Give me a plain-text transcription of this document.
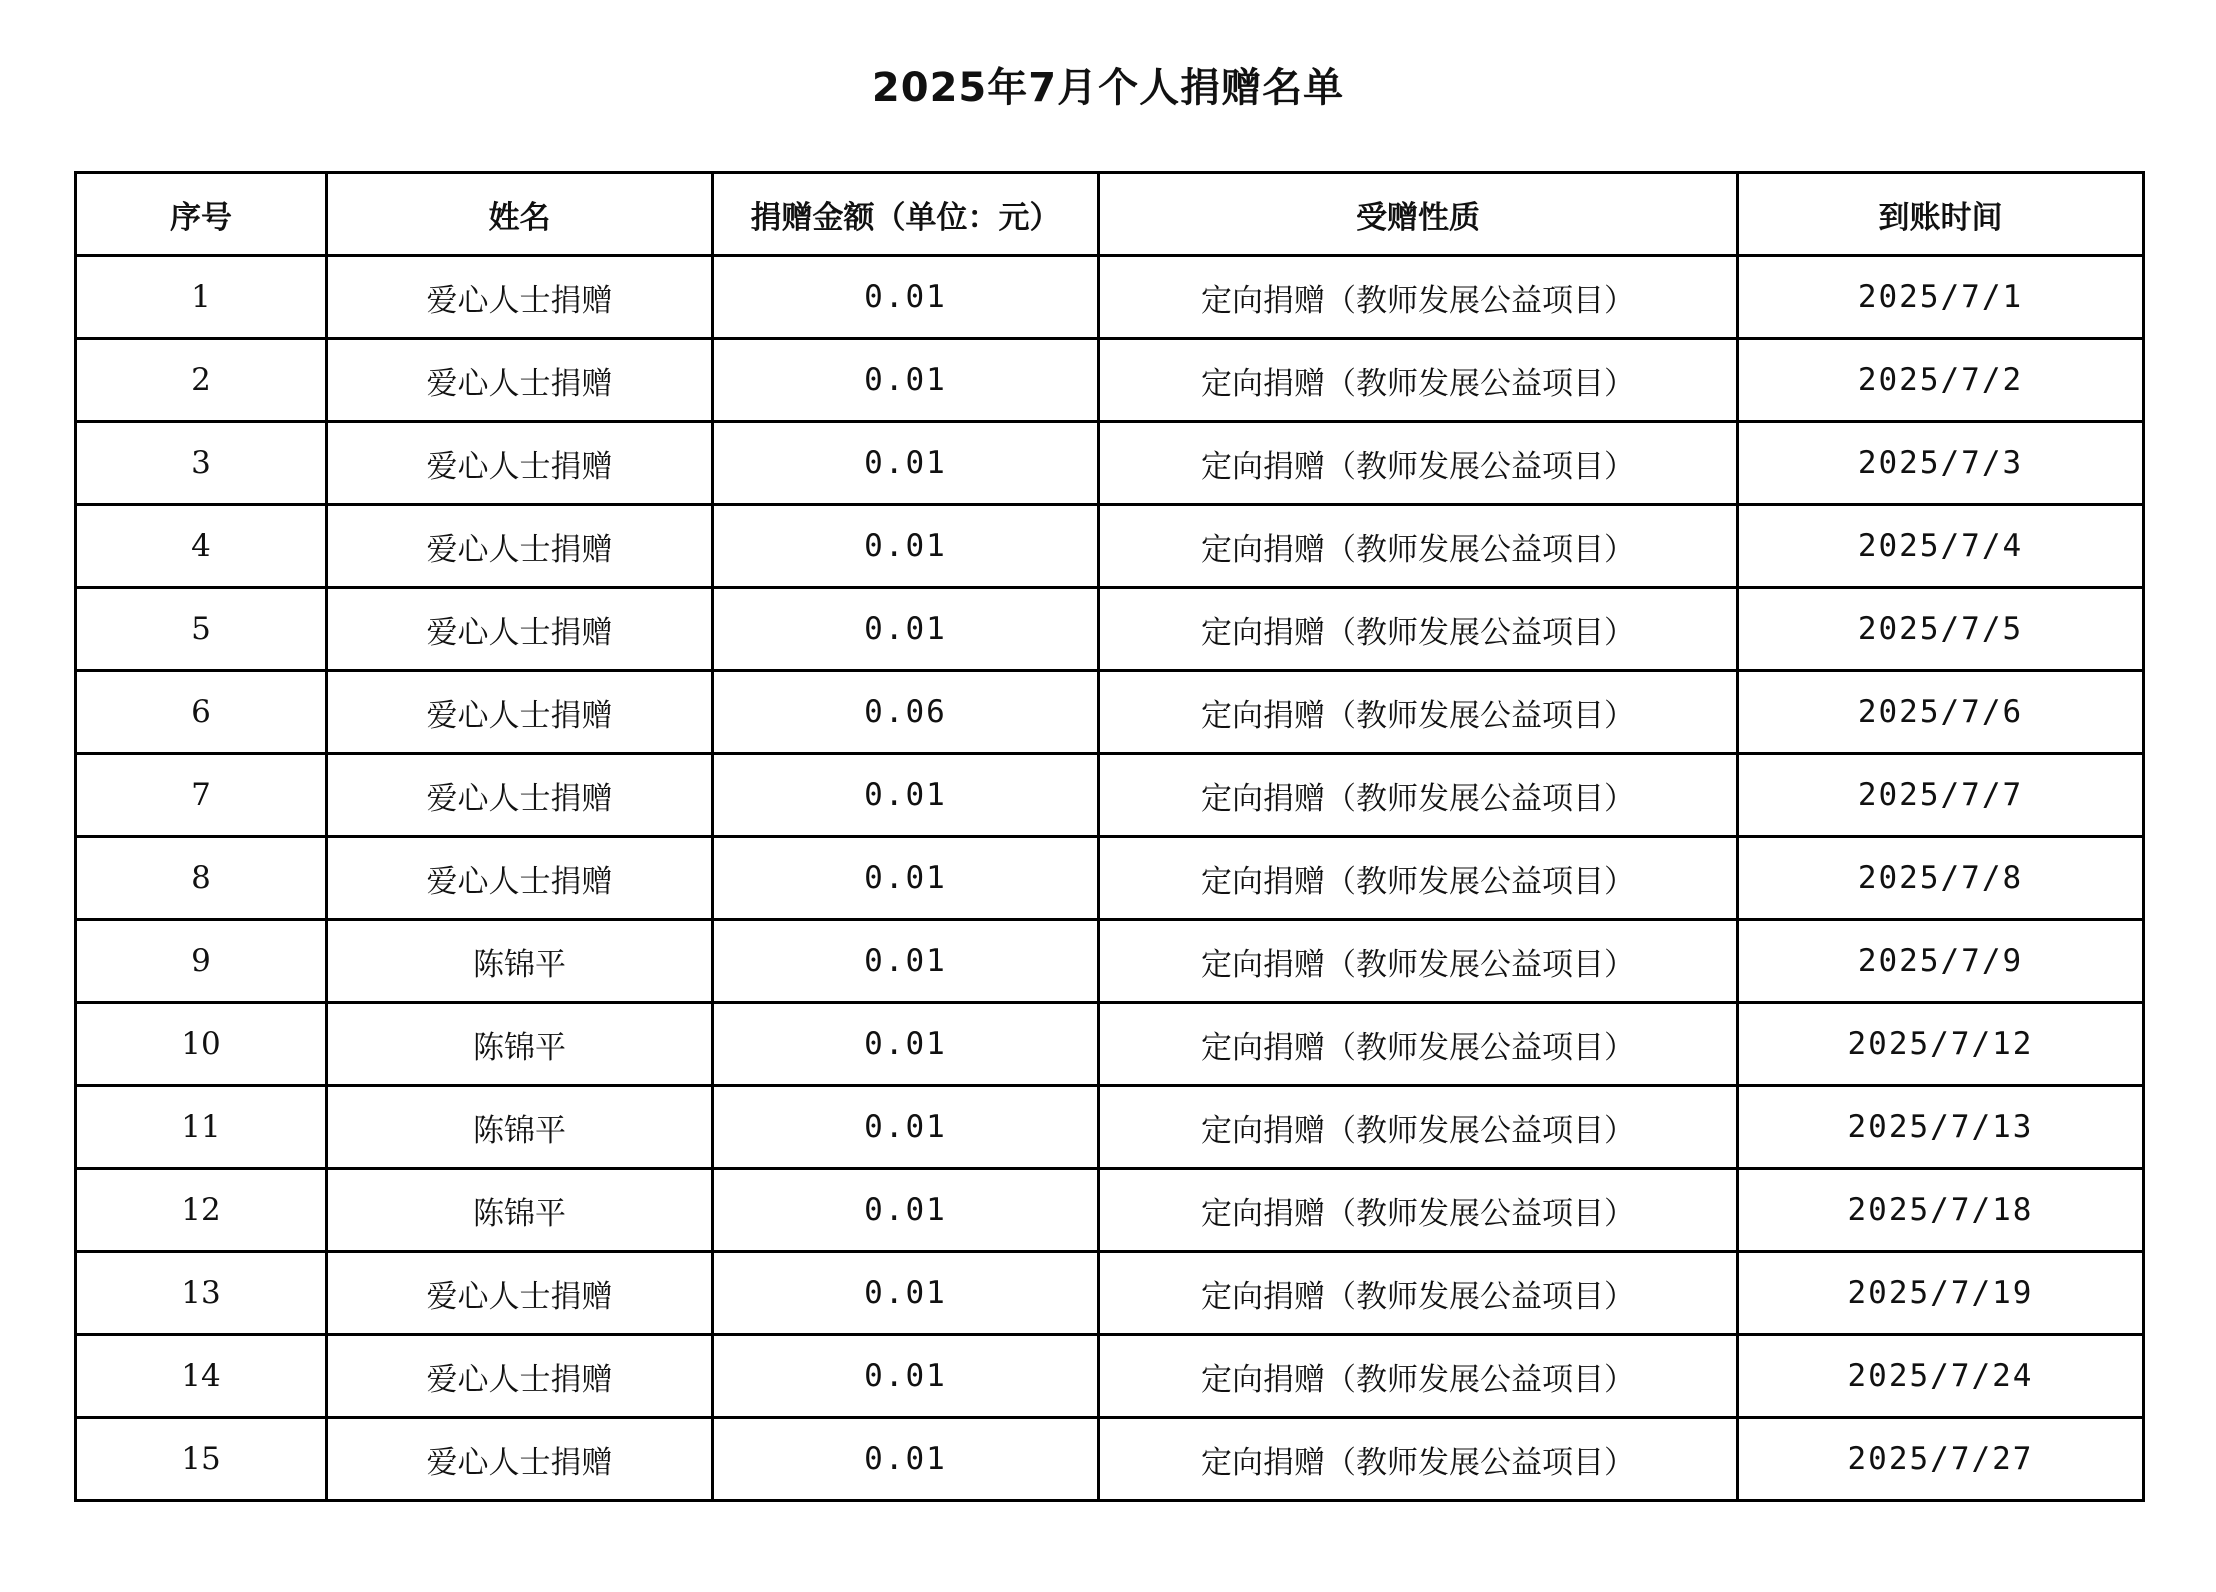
2025年7月个人捐赠名单
序号	姓名	捐赠金额（单位：元）	受赠性质	到账时间
1	爱心人士捐赠	0.01	定向捐赠（教师发展公益项目）	2025/7/1
2	爱心人士捐赠	0.01	定向捐赠（教师发展公益项目）	2025/7/2
3	爱心人士捐赠	0.01	定向捐赠（教师发展公益项目）	2025/7/3
4	爱心人士捐赠	0.01	定向捐赠（教师发展公益项目）	2025/7/4
5	爱心人士捐赠	0.01	定向捐赠（教师发展公益项目）	2025/7/5
6	爱心人士捐赠	0.06	定向捐赠（教师发展公益项目）	2025/7/6
7	爱心人士捐赠	0.01	定向捐赠（教师发展公益项目）	2025/7/7
8	爱心人士捐赠	0.01	定向捐赠（教师发展公益项目）	2025/7/8
9	陈锦平	0.01	定向捐赠（教师发展公益项目）	2025/7/9
10	陈锦平	0.01	定向捐赠（教师发展公益项目）	2025/7/12
11	陈锦平	0.01	定向捐赠（教师发展公益项目）	2025/7/13
12	陈锦平	0.01	定向捐赠（教师发展公益项目）	2025/7/18
13	爱心人士捐赠	0.01	定向捐赠（教师发展公益项目）	2025/7/19
14	爱心人士捐赠	0.01	定向捐赠（教师发展公益项目）	2025/7/24
15	爱心人士捐赠	0.01	定向捐赠（教师发展公益项目）	2025/7/27
